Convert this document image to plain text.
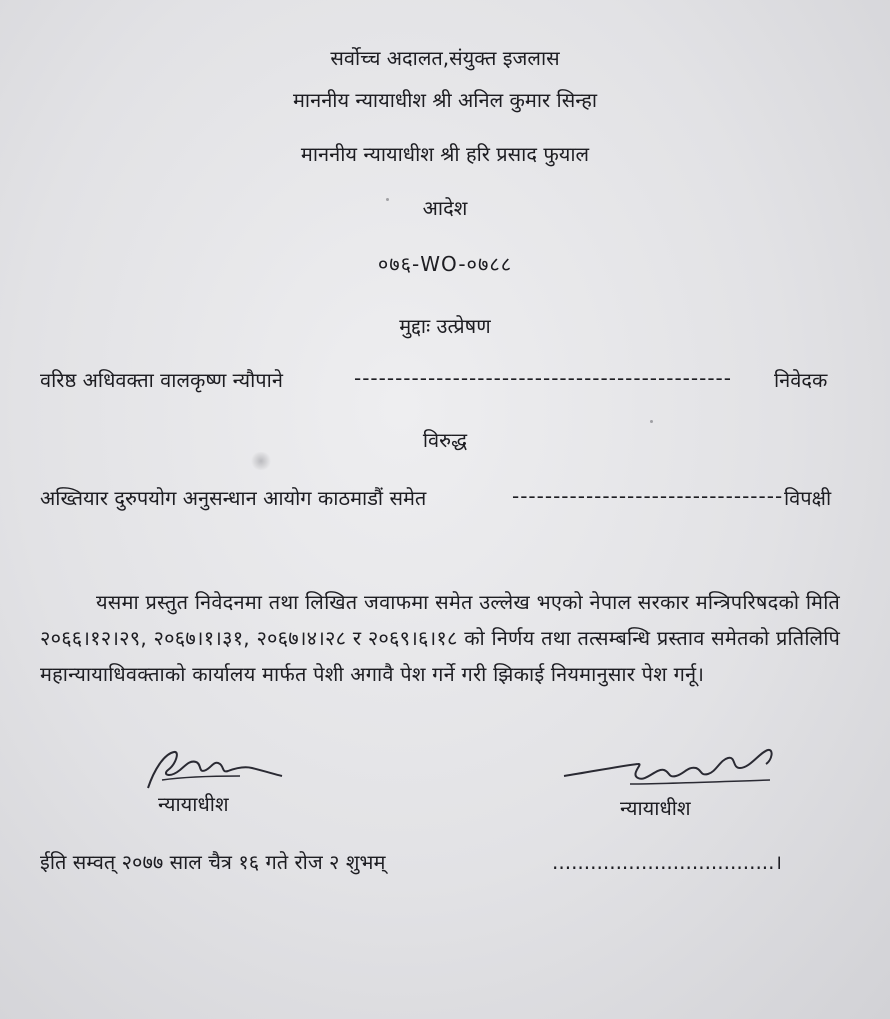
सर्वोच्च अदालत,संयुक्त इजलास
माननीय न्यायाधीश श्री अनिल कुमार सिन्हा
माननीय न्यायाधीश श्री हरि प्रसाद फुयाल
आदेश
०७६-WO-०७८८
मुद्दाः उत्प्रेषण
वरिष्ठ अधिवक्ता वालकृष्ण न्यौपाने	----------------------------------------------	निवेदक
विरुद्ध
अख्तियार दुरुपयोग अनुसन्धान आयोग काठमाडौं समेत	--------------------------------- विपक्षी
यसमा प्रस्तुत निवेदनमा तथा लिखित जवाफमा समेत उल्लेख भएको नेपाल सरकार मन्त्रिपरिषदको मिति २०६६।१२।२९, २०६७।१।३१, २०६७।४।२८ र २०६९।६।१८ को निर्णय तथा तत्सम्बन्धि प्रस्ताव समेतको प्रतिलिपि महान्यायाधिवक्ताको कार्यालय मार्फत पेशी अगावै पेश गर्ने गरी झिकाई नियमानुसार पेश गर्नू।
न्यायाधीश	न्यायाधीश
ईति सम्वत् २०७७ साल चैत्र १६ गते रोज २ शुभम्	...................................।
